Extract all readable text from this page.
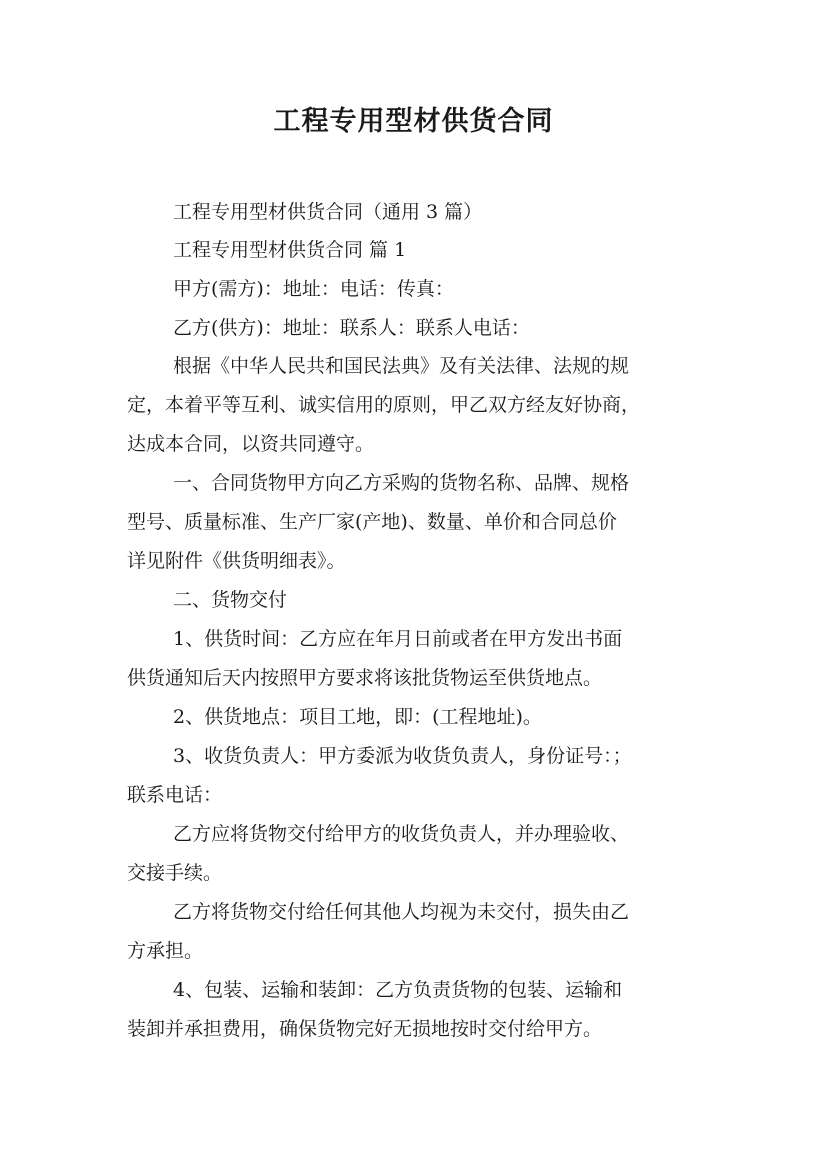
工程专用型材供货合同

工程专用型材供货合同（通用 3 篇）

工程专用型材供货合同 篇 1

甲方(需方)：地址：电话：传真：

乙方(供方)：地址：联系人：联系人电话：

根据《中华人民共和国民法典》及有关法律、法规的规

定，本着平等互利、诚实信用的原则，甲乙双方经友好协商，

达成本合同，以资共同遵守。

一、合同货物甲方向乙方采购的货物名称、品牌、规格

型号、质量标准、生产厂家(产地)、数量、单价和合同总价

详见附件《供货明细表》。

二、货物交付

1、供货时间：乙方应在年月日前或者在甲方发出书面

供货通知后天内按照甲方要求将该批货物运至供货地点。

2、供货地点：项目工地，即：(工程地址)。

3、收货负责人：甲方委派为收货负责人，身份证号：；

联系电话：

乙方应将货物交付给甲方的收货负责人，并办理验收、

交接手续。

乙方将货物交付给任何其他人均视为未交付，损失由乙

方承担。

4、包装、运输和装卸：乙方负责货物的包装、运输和

装卸并承担费用，确保货物完好无损地按时交付给甲方。
